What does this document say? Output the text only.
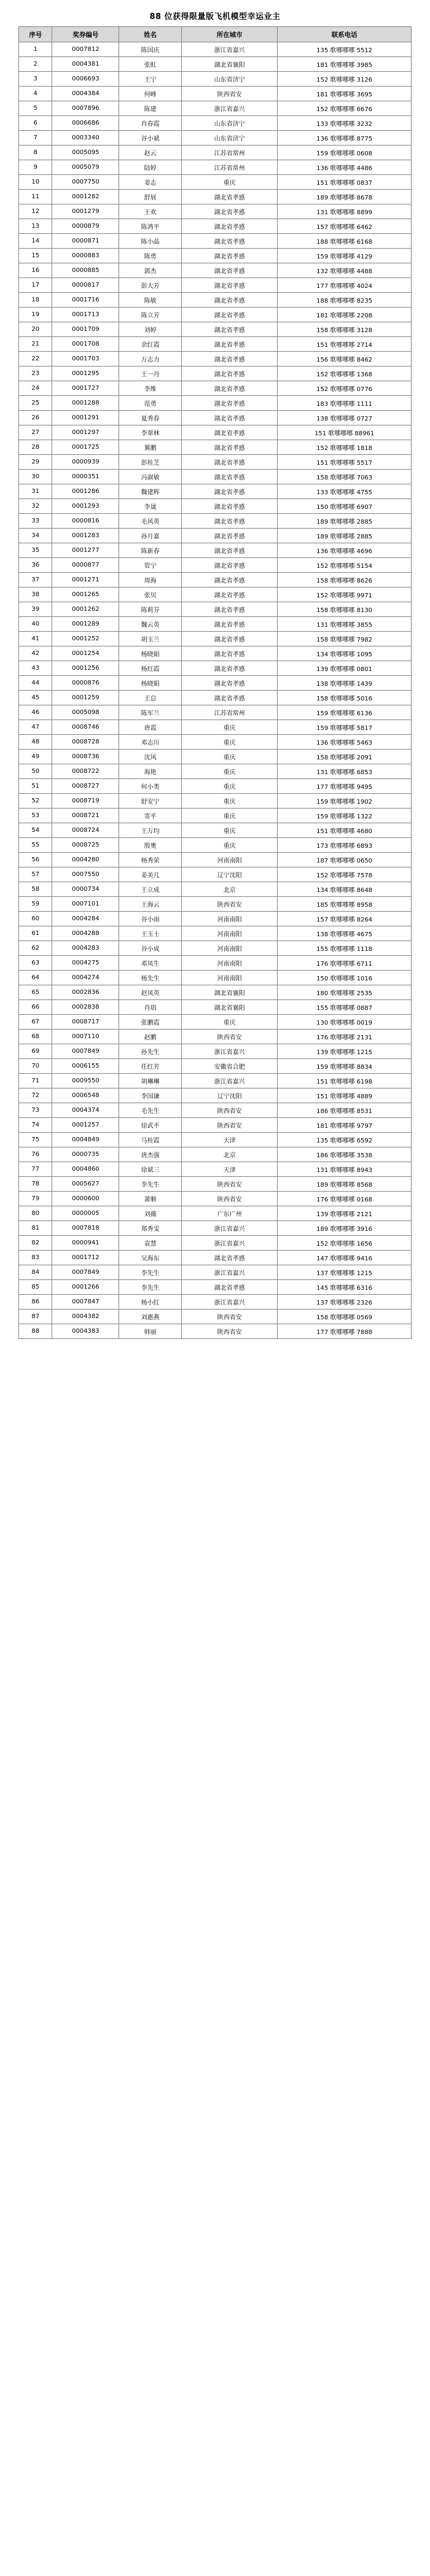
88 位获得限量版飞机模型幸运业主
序号	奖券编号	姓名	所在城市	联系电话
1	0007812	陈国庆	浙江省嘉兴	135 歌哪哪哪 5512
2	0004381	张虹	湖北省襄阳	181 歌哪哪哪 3985
3	0006693	王宁	山东省济宁	152 歌哪哪哪 3126
4	0004384	何峰	陕西省安	181 歌哪哪哪 3695
5	0007896	陈建	浙江省嘉兴	152 歌哪哪哪 6676
6	0006686	肖春霞	山东省济宁	133 歌哪哪哪 3232
7	0003340	谷小斌	山东省济宁	136 歌哪哪哪 8775
8	0005095	赵云	江苏省常州	159 歌哪哪哪 0608
9	0005079	陆婷	江苏省常州	136 歌哪哪哪 4486
10	0007750	姜志	重庆	151 歌哪哪哪 0837
11	0001282	舒展	湖北省孝感	189 歌哪哪哪 8678
12	0001279	王欢	湖北省孝感	131 歌哪哪哪 8899
13	0000879	陈鸿平	湖北省孝感	157 歌哪哪哪 6462
14	0000871	陈小晶	湖北省孝感	188 歌哪哪哪 6168
15	0000883	陈勇	湖北省孝感	159 歌哪哪哪 4129
16	0000885	郭杰	湖北省孝感	132 歌哪哪哪 4488
17	0000817	彭大芳	湖北省孝感	177 歌哪哪哪 4024
18	0001716	陈敏	湖北省孝感	188 歌哪哪哪 8235
19	0001713	陈立芳	湖北省孝感	181 歌哪哪哪 2208
20	0001709	刘婷	湖北省孝感	158 歌哪哪哪 3128
21	0001708	余红霞	湖北省孝感	151 歌哪哪哪 2714
22	0001703	万志力	湖北省孝感	156 歌哪哪哪 8462
23	0001295	王一丹	湖北省孝感	152 歌哪哪哪 1368
24	0001727	李维	湖北省孝感	152 歌哪哪哪 0776
25	0001288	范勇	湖北省孝感	183 歌哪哪哪 1111
26	0001291	夏秀春	湖北省孝感	138 歌哪哪哪 0727
27	0001297	李翠林	湖北省孝感	151 歌哪哪哪 88961
28	0001725	翼鹏	湖北省孝感	152 歌哪哪哪 1818
29	0000939	彭桂芝	湖北省孝感	151 歌哪哪哪 5517
30	0000351	冯淑敏	湖北省孝感	158 歌哪哪哪 7063
31	0001286	魏建辉	湖北省孝感	133 歌哪哪哪 4755
32	0001293	李晟	湖北省孝感	150 歌哪哪哪 6907
33	0000816	毛风英	湖北省孝感	189 歌哪哪哪 2885
34	0001283	孙月嘉	湖北省孝感	189 歌哪哪哪 2885
35	0001277	陈新春	湖北省孝感	136 歌哪哪哪 4696
36	0000877	管宁	湖北省孝感	152 歌哪哪哪 5154
37	0001271	周海	湖北省孝感	158 歌哪哪哪 8626
38	0001265	张贝	湖北省孝感	152 歌哪哪哪 9971
39	0001262	陈莉芬	湖北省孝感	158 歌哪哪哪 8130
40	0001289	魏云英	湖北省孝感	131 歌哪哪哪 3855
41	0001252	胡玉兰	湖北省孝感	158 歌哪哪哪 7982
42	0001254	杨晓娟	湖北省孝感	134 歌哪哪哪 1095
43	0001256	杨红霞	湖北省孝感	139 歌哪哪哪 0801
44	0000876	杨晓娟	湖北省孝感	138 歌哪哪哪 1439
45	0001259	王总	湖北省孝感	158 歌哪哪哪 5016
46	0005098	陈军兰	江苏省常州	159 歌哪哪哪 6136
47	0008746	唐霞	重庆	159 歌哪哪哪 5817
48	0008728	邓志川	重庆	136 歌哪哪哪 5463
49	0008736	沈风	重庆	158 歌哪哪哪 2091
50	0008722	海艳	重庆	131 歌哪哪哪 6853
51	0008727	何小类	重庆	177 歌哪哪哪 9495
52	0008719	舒安宁	重庆	159 歌哪哪哪 1902
53	0008721	寄平	重庆	159 歌哪哪哪 1322
54	0008724	王万均	重庆	151 歌哪哪哪 4680
55	0008725	殷奧	重庆	173 歌哪哪哪 6893
56	0004280	杨秀荣	河南南阳	187 歌哪哪哪 0650
57	0007550	姜美几	辽宁沈阳	152 歌哪哪哪 7578
58	0000734	王立成	北京	134 歌哪哪哪 8648
59	0007101	王海云	陕西省安	185 歌哪哪哪 8958
60	0004284	谷小雨	河南南阳	157 歌哪哪哪 8264
61	0004288	王玉士	河南南阳	138 歌哪哪哪 4675
62	0004283	谷小成	河南南阳	155 歌哪哪哪 1118
63	0004275	邓凤生	河南南阳	176 歌哪哪哪 6711
64	0004274	杨先生	河南南阳	150 歌哪哪哪 1016
65	0002836	赵凤英	湖北省襄阳	180 歌哪哪哪 2535
66	0002838	肖琩	湖北省襄阳	155 歌哪哪哪 0887
67	0008717	张鹏霞	重庆	130 歌哪哪哪 0019
68	0007110	赵鹏	陕西省安	176 歌哪哪哪 2131
69	0007849	孙先生	浙江省嘉兴	139 歌哪哪哪 1215
70	0006155	任红芳	安徽省合肥	159 歌哪哪哪 8834
71	0009550	胡琳琳	浙江省嘉兴	151 歌哪哪哪 6198
72	0006548	李国谦	辽宁沈阳	151 歌哪哪哪 4889
73	0004374	毛先生	陕西省安	186 歌哪哪哪 8531
74	0001257	徐武不	陕西省安	181 歌哪哪哪 9797
75	0004849	马桂霞	天津	135 歌哪哪哪 6592
76	0000735	唐杰强	北京	186 歌哪哪哪 3538
77	0004860	徐斌三	天津	131 歌哪哪哪 8943
78	0005627	李先生	陕西省安	189 歌哪哪哪 8568
79	0000600	萧顺	陕西省安	176 歌哪哪哪 0168
80	0000005	刘薇	广东广州	139 歌哪哪哪 2121
81	0007818	郑秀雯	浙江省嘉兴	189 歌哪哪哪 3916
82	0000941	袁慧	浙江省嘉兴	152 歌哪哪哪 1656
83	0001712	吴海东	湖北省孝感	147 歌哪哪哪 9416
84	0007849	李先生	浙江省嘉兴	137 歌哪哪哪 1215
85	0001266	李先生	湖北省孝感	145 歌哪哪哪 6316
86	0007847	杨小红	浙江省嘉兴	137 歌哪哪哪 2326
87	0004382	刘惠燕	陕西省安	158 歌哪哪哪 0569
88	0004383	韩丽	陕西省安	177 歌哪哪哪 7888
